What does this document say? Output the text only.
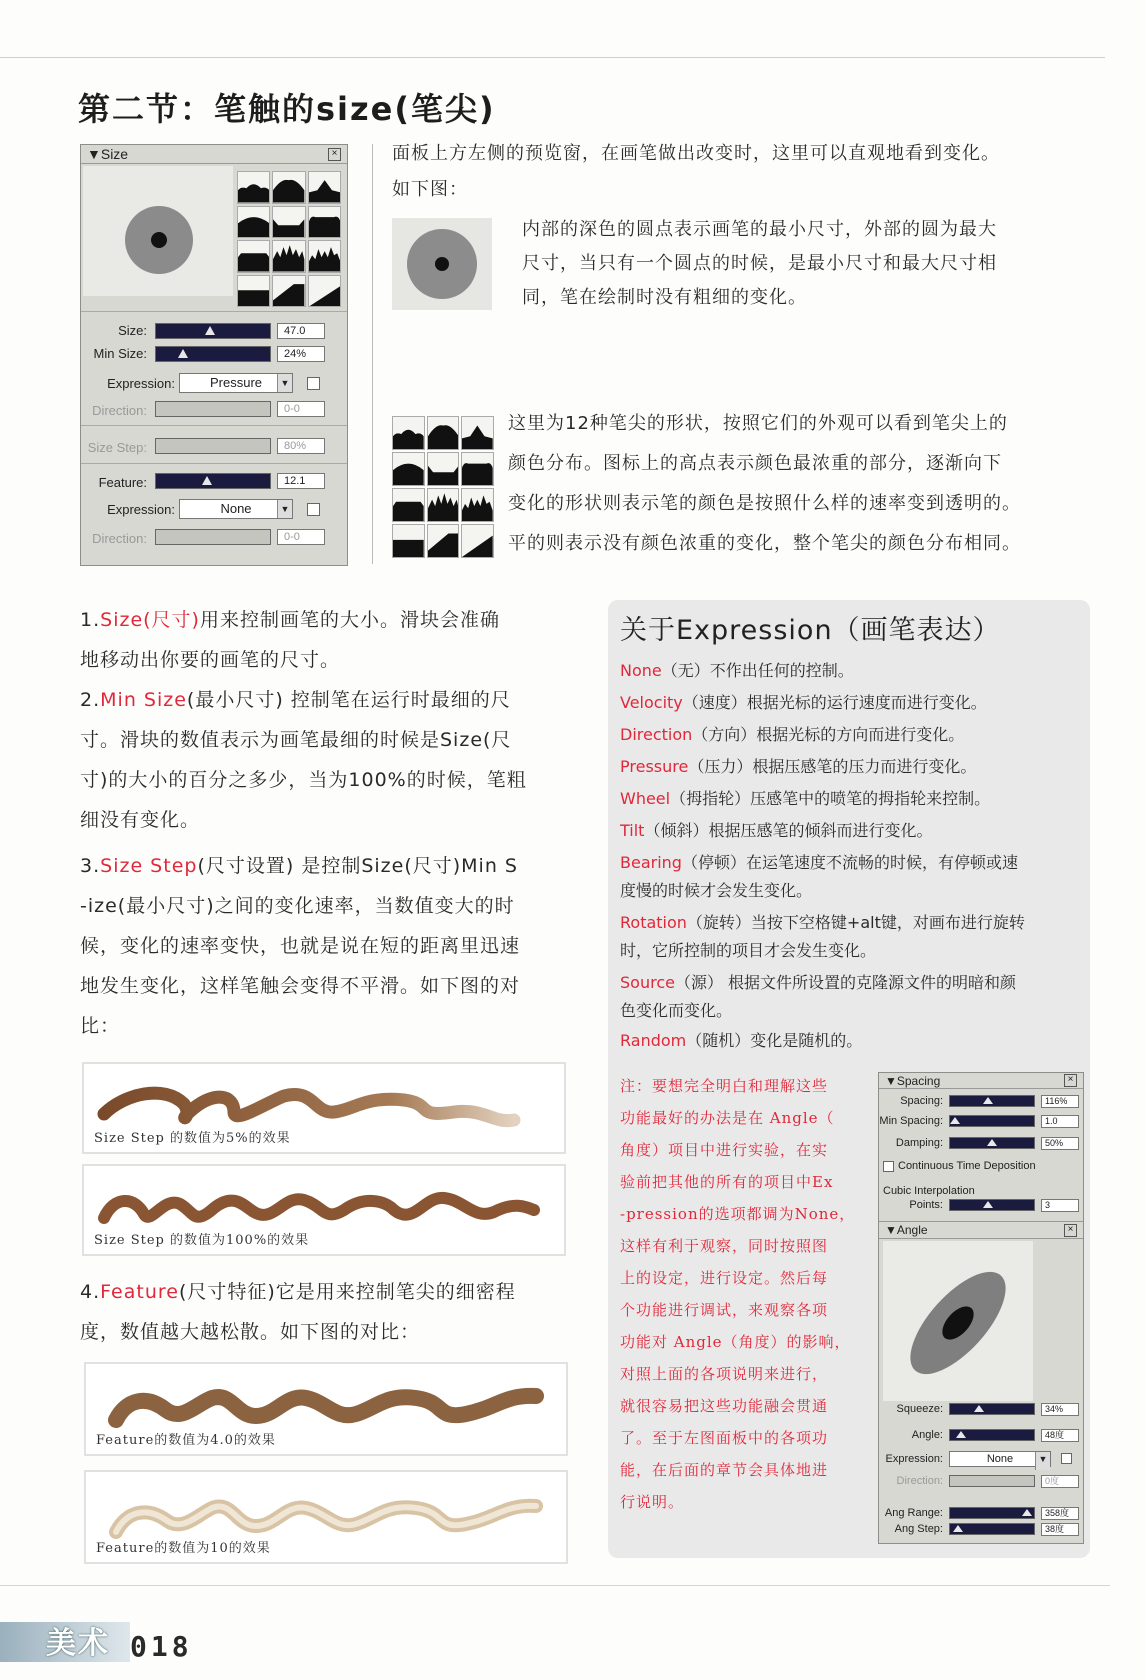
第二节：笔触的size(笔尖)
▼Size	×
Size:	47.0
Min Size:	24%
Expression:	Pressure ▼
Direction:	0-0
Size Step:	80%
Feature:	12.1
Expression:	None ▼
Direction:	0-0
面板上方左侧的预览窗，在画笔做出改变时，这里可以直观地看到变化。
如下图：
内部的深色的圆点表示画笔的最小尺寸，外部的圆为最大
尺寸，当只有一个圆点的时候，是最小尺寸和最大尺寸相
同，笔在绘制时没有粗细的变化。
这里为12种笔尖的形状，按照它们的外观可以看到笔尖上的
颜色分布。图标上的高点表示颜色最浓重的部分，逐渐向下
变化的形状则表示笔的颜色是按照什么样的速率变到透明的。
平的则表示没有颜色浓重的变化，整个笔尖的颜色分布相同。
1.Size(尺寸)用来控制画笔的大小。滑块会准确
地移动出你要的画笔的尺寸。
2.Min Size(最小尺寸) 控制笔在运行时最细的尺
寸。滑块的数值表示为画笔最细的时候是Size(尺
寸)的大小的百分之多少，当为100%的时候，笔粗
细没有变化。
3.Size Step(尺寸设置) 是控制Size(尺寸)Min S
-ize(最小尺寸)之间的变化速率，当数值变大的时
候，变化的速率变快，也就是说在短的距离里迅速
地发生变化，这样笔触会变得不平滑。如下图的对
比：
Size Step 的数值为5%的效果
Size Step 的数值为100%的效果
4.Feature(尺寸特征)它是用来控制笔尖的细密程
度，数值越大越松散。如下图的对比：
Feature的数值为4.0的效果
Feature的数值为10的效果
关于Expression（画笔表达）
None（无）不作出任何的控制。
Velocity（速度）根据光标的运行速度而进行变化。
Direction（方向）根据光标的方向而进行变化。
Pressure（压力）根据压感笔的压力而进行变化。
Wheel（拇指轮）压感笔中的喷笔的拇指轮来控制。
Tilt（倾斜）根据压感笔的倾斜而进行变化。
Bearing（停顿）在运笔速度不流畅的时候，有停顿或速
度慢的时候才会发生变化。
Rotation（旋转）当按下空格键+alt键，对画布进行旋转
时，它所控制的项目才会发生变化。
Source（源） 根据文件所设置的克隆源文件的明暗和颜
色变化而变化。
Random（随机）变化是随机的。
注：要想完全明白和理解这些
功能最好的办法是在 Angle（
角度）项目中进行实验，在实
验前把其他的所有的项目中Ex
-pression的选项都调为None，
这样有利于观察，同时按照图
上的设定，进行设定。然后每
个功能进行调试，来观察各项
功能对 Angle（角度）的影响，
对照上面的各项说明来进行，
就很容易把这些功能融会贯通
了。至于左图面板中的各项功
能，在后面的章节会具体地进
行说明。
▼Spacing	×
Spacing:	116%
Min Spacing:	1.0
Damping:	50%
Continuous Time Deposition
Cubic Interpolation
Points:	3
▼Angle	×
Squeeze:	34%
Angle:	48度
Expression:	None ▼
Direction:	0度
Ang Range:	358度
Ang Step:	38度
美术 018
